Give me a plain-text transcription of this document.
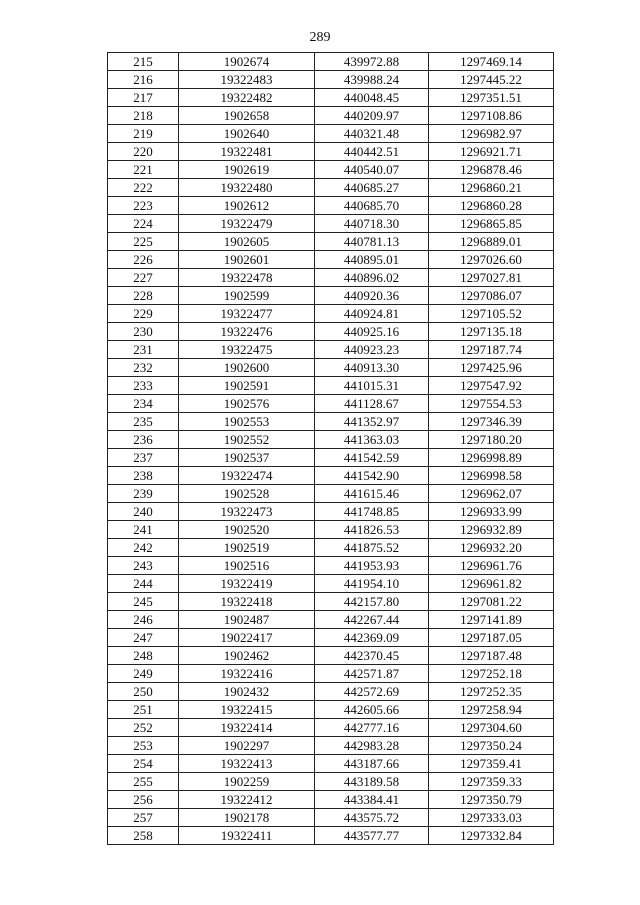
289
215	1902674	439972.88	1297469.14
216	19322483	439988.24	1297445.22
217	19322482	440048.45	1297351.51
218	1902658	440209.97	1297108.86
219	1902640	440321.48	1296982.97
220	19322481	440442.51	1296921.71
221	1902619	440540.07	1296878.46
222	19322480	440685.27	1296860.21
223	1902612	440685.70	1296860.28
224	19322479	440718.30	1296865.85
225	1902605	440781.13	1296889.01
226	1902601	440895.01	1297026.60
227	19322478	440896.02	1297027.81
228	1902599	440920.36	1297086.07
229	19322477	440924.81	1297105.52
230	19322476	440925.16	1297135.18
231	19322475	440923.23	1297187.74
232	1902600	440913.30	1297425.96
233	1902591	441015.31	1297547.92
234	1902576	441128.67	1297554.53
235	1902553	441352.97	1297346.39
236	1902552	441363.03	1297180.20
237	1902537	441542.59	1296998.89
238	19322474	441542.90	1296998.58
239	1902528	441615.46	1296962.07
240	19322473	441748.85	1296933.99
241	1902520	441826.53	1296932.89
242	1902519	441875.52	1296932.20
243	1902516	441953.93	1296961.76
244	19322419	441954.10	1296961.82
245	19322418	442157.80	1297081.22
246	1902487	442267.44	1297141.89
247	19022417	442369.09	1297187.05
248	1902462	442370.45	1297187.48
249	19322416	442571.87	1297252.18
250	1902432	442572.69	1297252.35
251	19322415	442605.66	1297258.94
252	19322414	442777.16	1297304.60
253	1902297	442983.28	1297350.24
254	19322413	443187.66	1297359.41
255	1902259	443189.58	1297359.33
256	19322412	443384.41	1297350.79
257	1902178	443575.72	1297333.03
258	19322411	443577.77	1297332.84
